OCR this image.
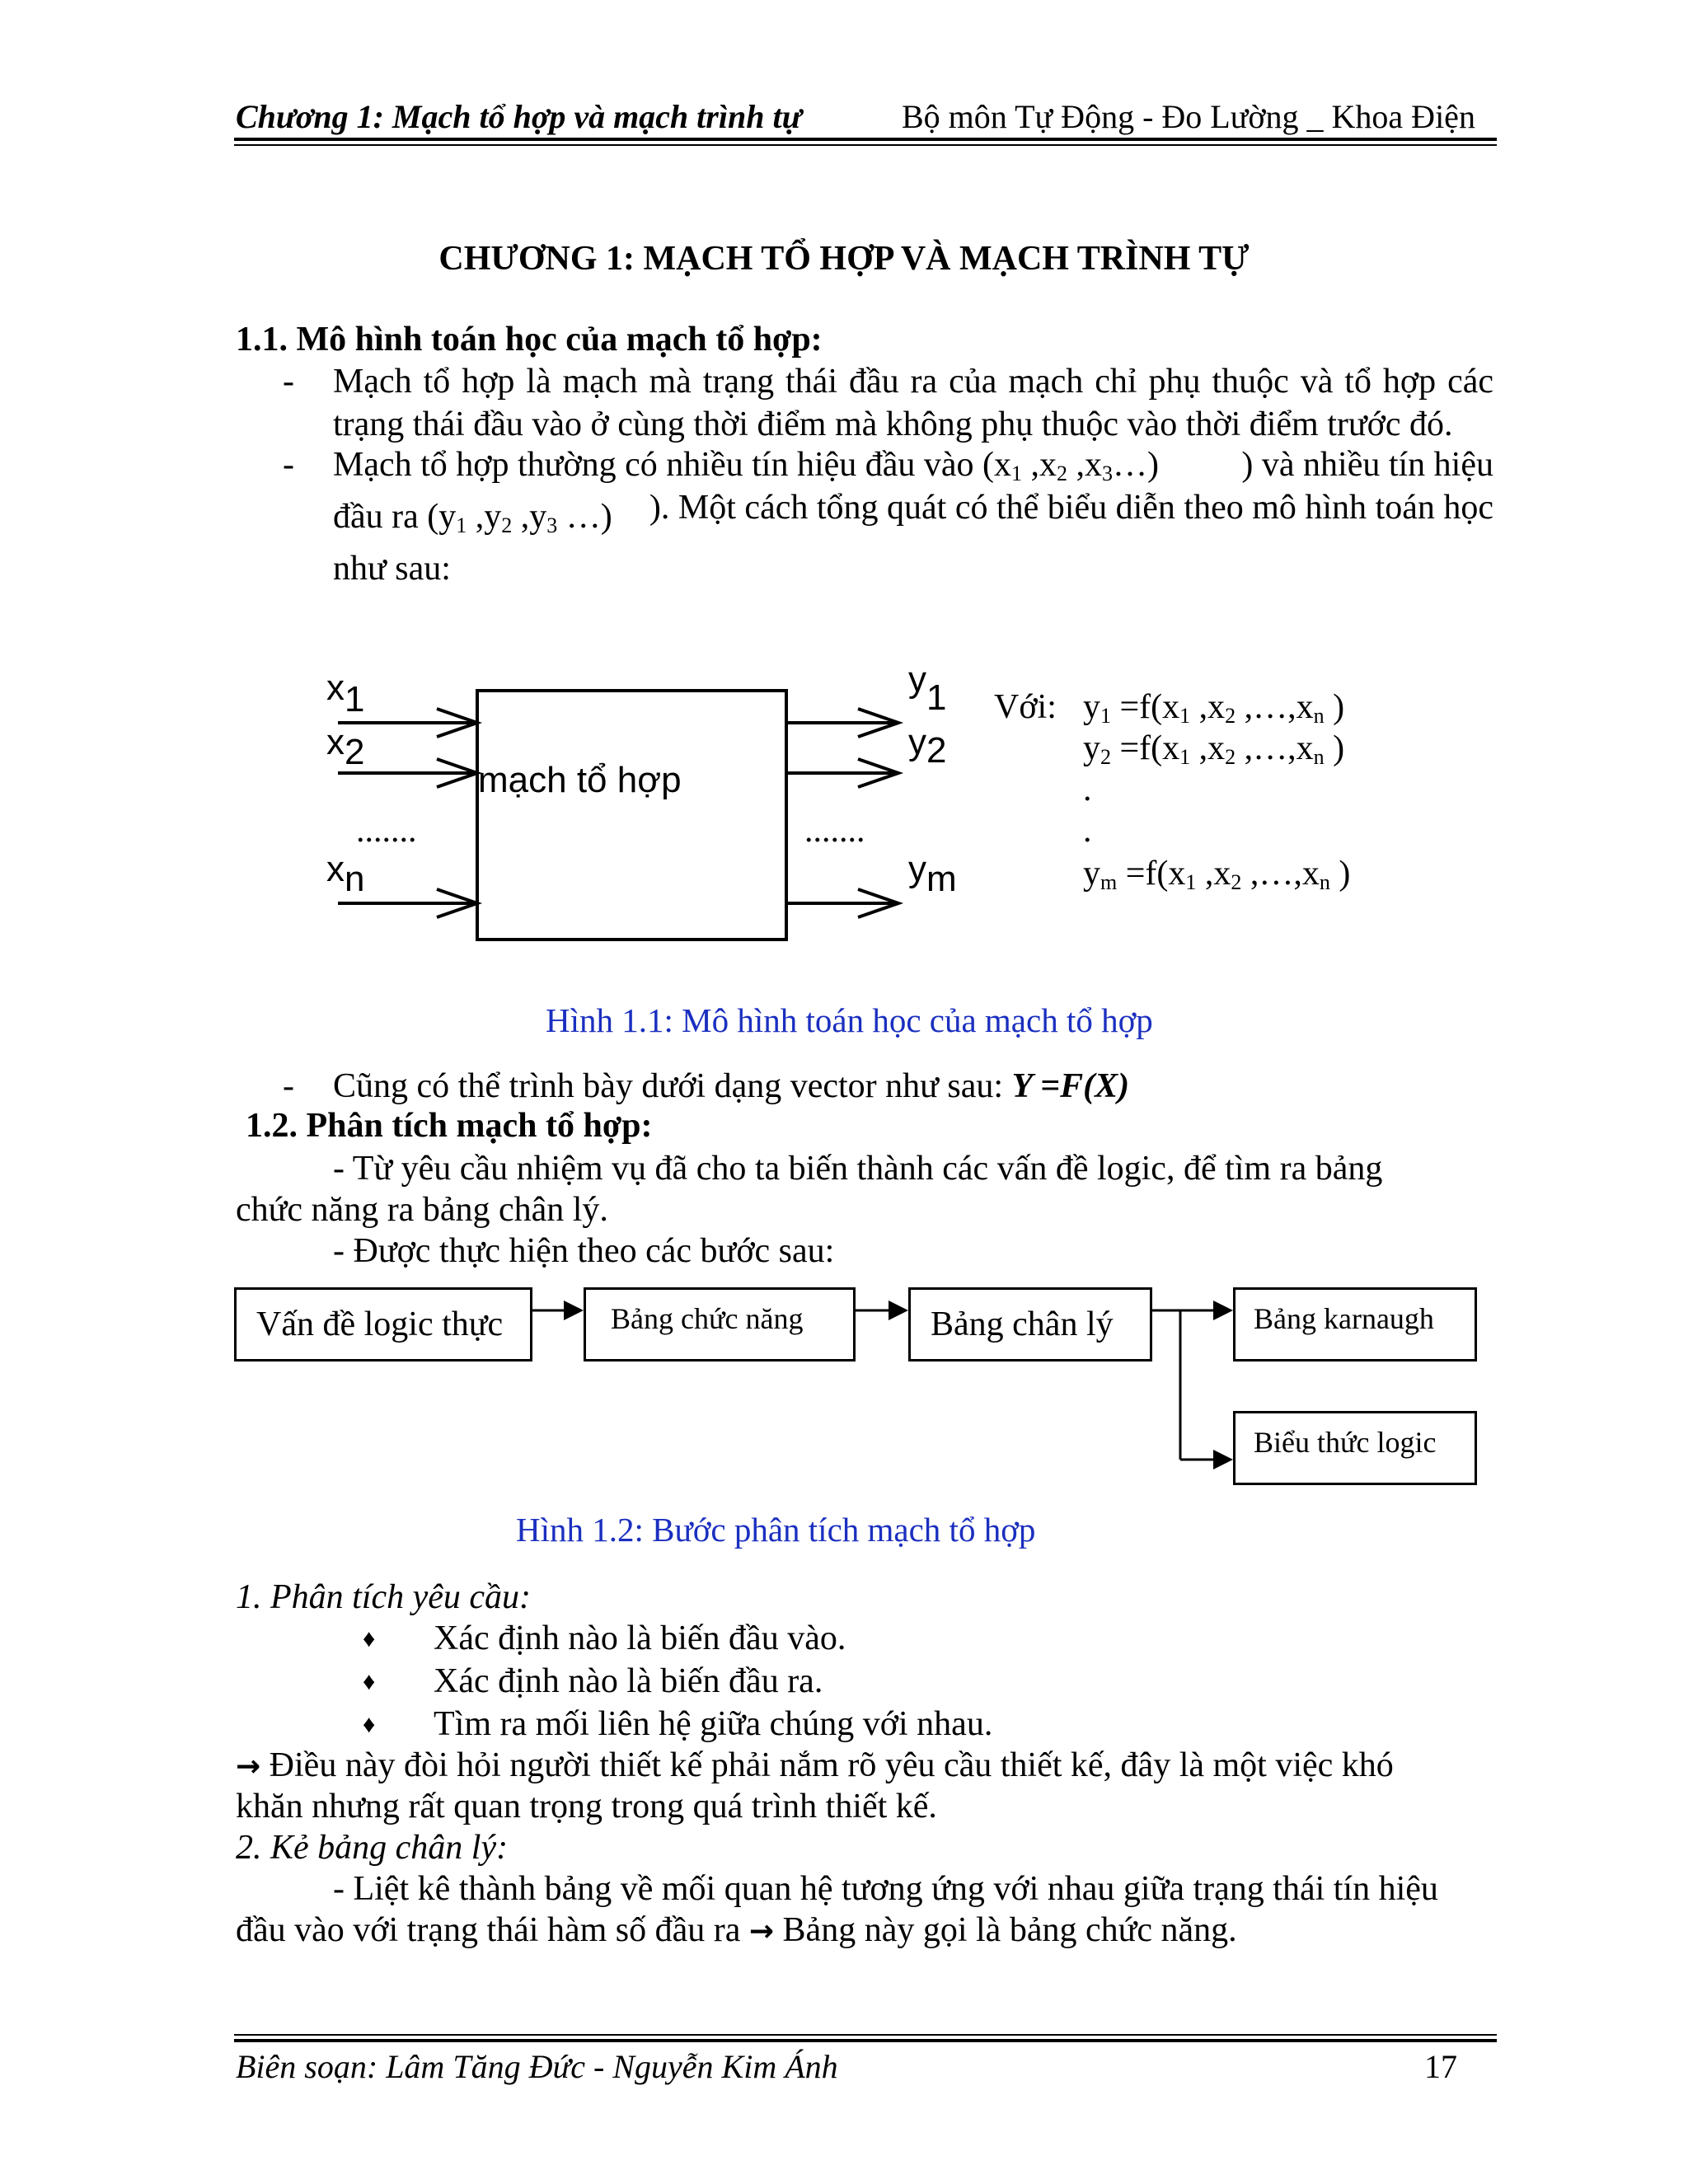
Chương 1: Mạch tổ hợp và mạch trình tự	Bộ môn Tự Động - Đo Lường _ Khoa Điện
CHƯƠNG 1: MẠCH TỔ HỢP VÀ MẠCH TRÌNH TỰ
1.1. Mô hình toán học của mạch tổ hợp:
- Mạch tổ hợp là mạch mà trạng thái đầu ra của mạch chỉ phụ thuộc và tổ hợp các trạng thái đầu vào ở cùng thời điểm mà không phụ thuộc vào thời điểm trước đó.
- Mạch tổ hợp thường có nhiều tín hiệu đầu vào ($x_1$ $,x_2$ $,x_3\dots$) ) và nhiều tín hiệu
đầu ra ($y_1$ $,y_2$ $,y_3$ …)
như sau:
). Một cách tổng quát có thể biểu diễn theo mô hình toán học
mạch tổ hợp
x1
x2
.......
xn
y1
y2
.......
ym
Với: $y_1 =f(x_1$ $,x_2$ $,\dots,x_n$ )
$y_2 =f(x_1$ $,x_2$ $,\dots,x_n$ )
.
.
$y_m =f(x_1$ $,x_2$ $,\dots,x_n$ )
Hình 1.1: Mô hình toán học của mạch tổ hợp
- Cũng có thể trình bày dưới dạng vector như sau: Y =F(X)
1.2. Phân tích mạch tổ hợp:
- Từ yêu cầu nhiệm vụ đã cho ta biến thành các vấn đề logic, để tìm ra bảng
chức năng ra bảng chân lý.
- Được thực hiện theo các bước sau:
Vấn đề logic thực	Bảng chức năng	Bảng chân lý	Bảng karnaugh
Biểu thức logic
Hình 1.2: Bước phân tích mạch tổ hợp
1. Phân tích yêu cầu:
♦ Xác định nào là biến đầu vào.
♦ Xác định nào là biến đầu ra.
♦ Tìm ra mối liên hệ giữa chúng với nhau.
→ Điều này đòi hỏi người thiết kế phải nắm rõ yêu cầu thiết kế, đây là một việc khó
khăn nhưng rất quan trọng trong quá trình thiết kế.
2. Kẻ bảng chân lý:
- Liệt kê thành bảng về mối quan hệ tương ứng với nhau giữa trạng thái tín hiệu
đầu vào với trạng thái hàm số đầu ra → Bảng này gọi là bảng chức năng.
Biên soạn: Lâm Tăng Đức - Nguyễn Kim Ánh	17
